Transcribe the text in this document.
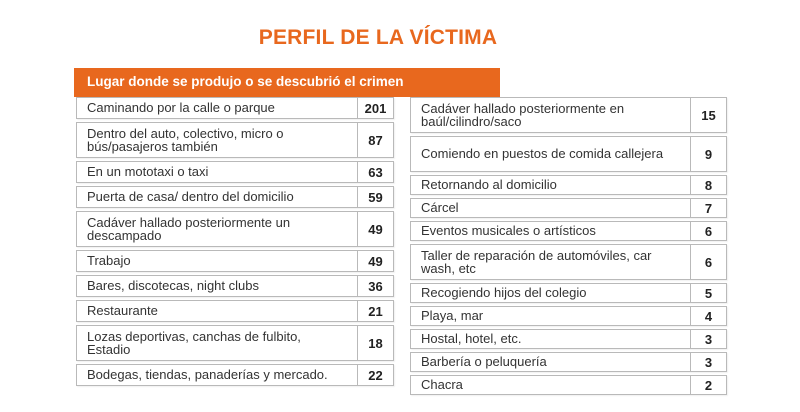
PERFIL DE LA VÍCTIMA
Lugar donde se produjo o se descubrió el crimen
Caminando por la calle o parque	201
Dentro del auto, colectivo, micro o bús/pasajeros también	87
En un mototaxi o taxi	63
Puerta de casa/ dentro del domicilio	59
Cadáver hallado posteriormente un descampado	49
Trabajo	49
Bares, discotecas, night clubs	36
Restaurante	21
Lozas deportivas, canchas de fulbito, Estadio	18
Bodegas, tiendas, panaderías y mercado.	22
Cadáver hallado posteriormente en baúl/cilindro/saco	15
Comiendo en puestos de comida callejera	9
Retornando al domicilio	8
Cárcel	7
Eventos musicales o artísticos	6
Taller de reparación de automóviles, car wash, etc	6
Recogiendo hijos del colegio	5
Playa, mar	4
Hostal, hotel, etc.	3
Barbería o peluquería	3
Chacra	2
